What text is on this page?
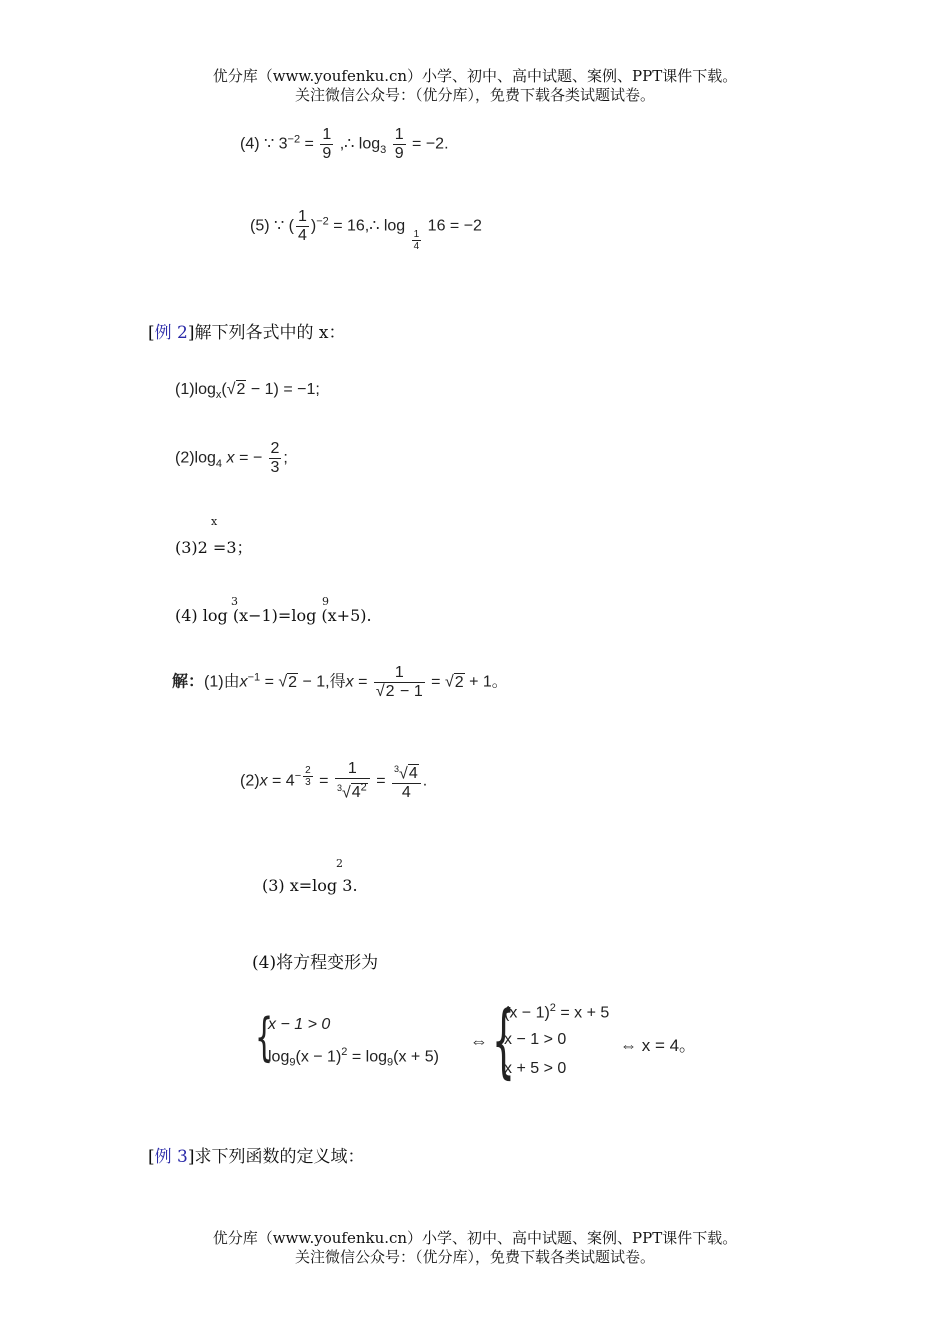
优分库（www.youfenku.cn）小学、初中、高中试题、案例、PPT课件下载。
关注微信公众号：（优分库），免费下载各类试题试卷。
(4) ∵ $3^{-2} = \frac{1}{9}$ ,∴ $\log_3 \frac{1}{9} = -2$.
(5) ∵ ( $\frac{1}{4} )^{-2}$ = 16,∴ log
$\frac{1}{4}$
16 = −2
[例 2]解下列各式中的 x：
$(1)\log_x(√2 - 1) = -1$;
$(2)\log_4$ x = − $\frac{2}{3}$ ;
x
(3)2 =3；
3	9
(4) log (x−1)=log (x+5).
解：(1)由$x^{-1} = √2 - 1$,得$x = \frac{1}{√2 - 1} = √2 + 1$。
$(2)x = 4^{- \frac{2}{3}} = \frac{1}{^3√4^2} = \frac{^3√4}{4}$ .
2
(3) x=log 3.
(4)将方程变形为
{
x − 1 > 0
$\log_9(x - 1)^2 = \log_9(x + 5)$
⇔ {
$(x - 1)^2 = x + 5$
x − 1 > 0
x + 5 > 0
⇔ x = 4。
[例 3]求下列函数的定义域：
优分库（www.youfenku.cn）小学、初中、高中试题、案例、PPT课件下载。
关注微信公众号：（优分库），免费下载各类试题试卷。
